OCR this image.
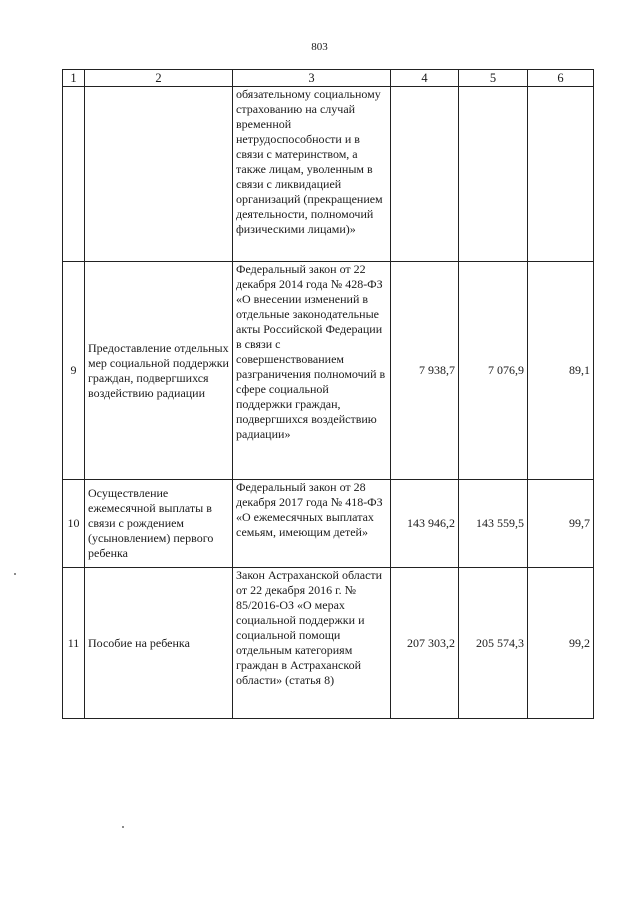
803
1	2	3	4	5	6
		обязательному социальному страхованию на случай временной нетрудоспособности и в связи с материнством, а также лицам, уволенным в связи с ликвидацией организаций (прекращением деятельности, полномочий физическими лицами)»			
9	Предоставление отдельных мер социальной поддержки граждан, подвергшихся воздействию радиации	Федеральный закон от 22 декабря 2014 года № 428-ФЗ «О внесении изменений в отдельные законодательные акты Российской Федерации в связи с совершенствованием разграничения полномочий в сфере социальной поддержки граждан, подвергшихся воздействию радиации»	7 938,7	7 076,9	89,1
10	Осуществление ежемесячной выплаты в связи с рождением (усыновлением) первого ребенка	Федеральный закон от 28 декабря 2017 года № 418-ФЗ «О ежемесячных выплатах семьям, имеющим детей»	143 946,2	143 559,5	99,7
11	Пособие на ребенка	Закон Астраханской области от 22 декабря 2016 г. № 85/2016-ОЗ «О мерах социальной поддержки и социальной помощи отдельным категориям граждан в Астраханской области» (статья 8)	207 303,2	205 574,3	99,2
